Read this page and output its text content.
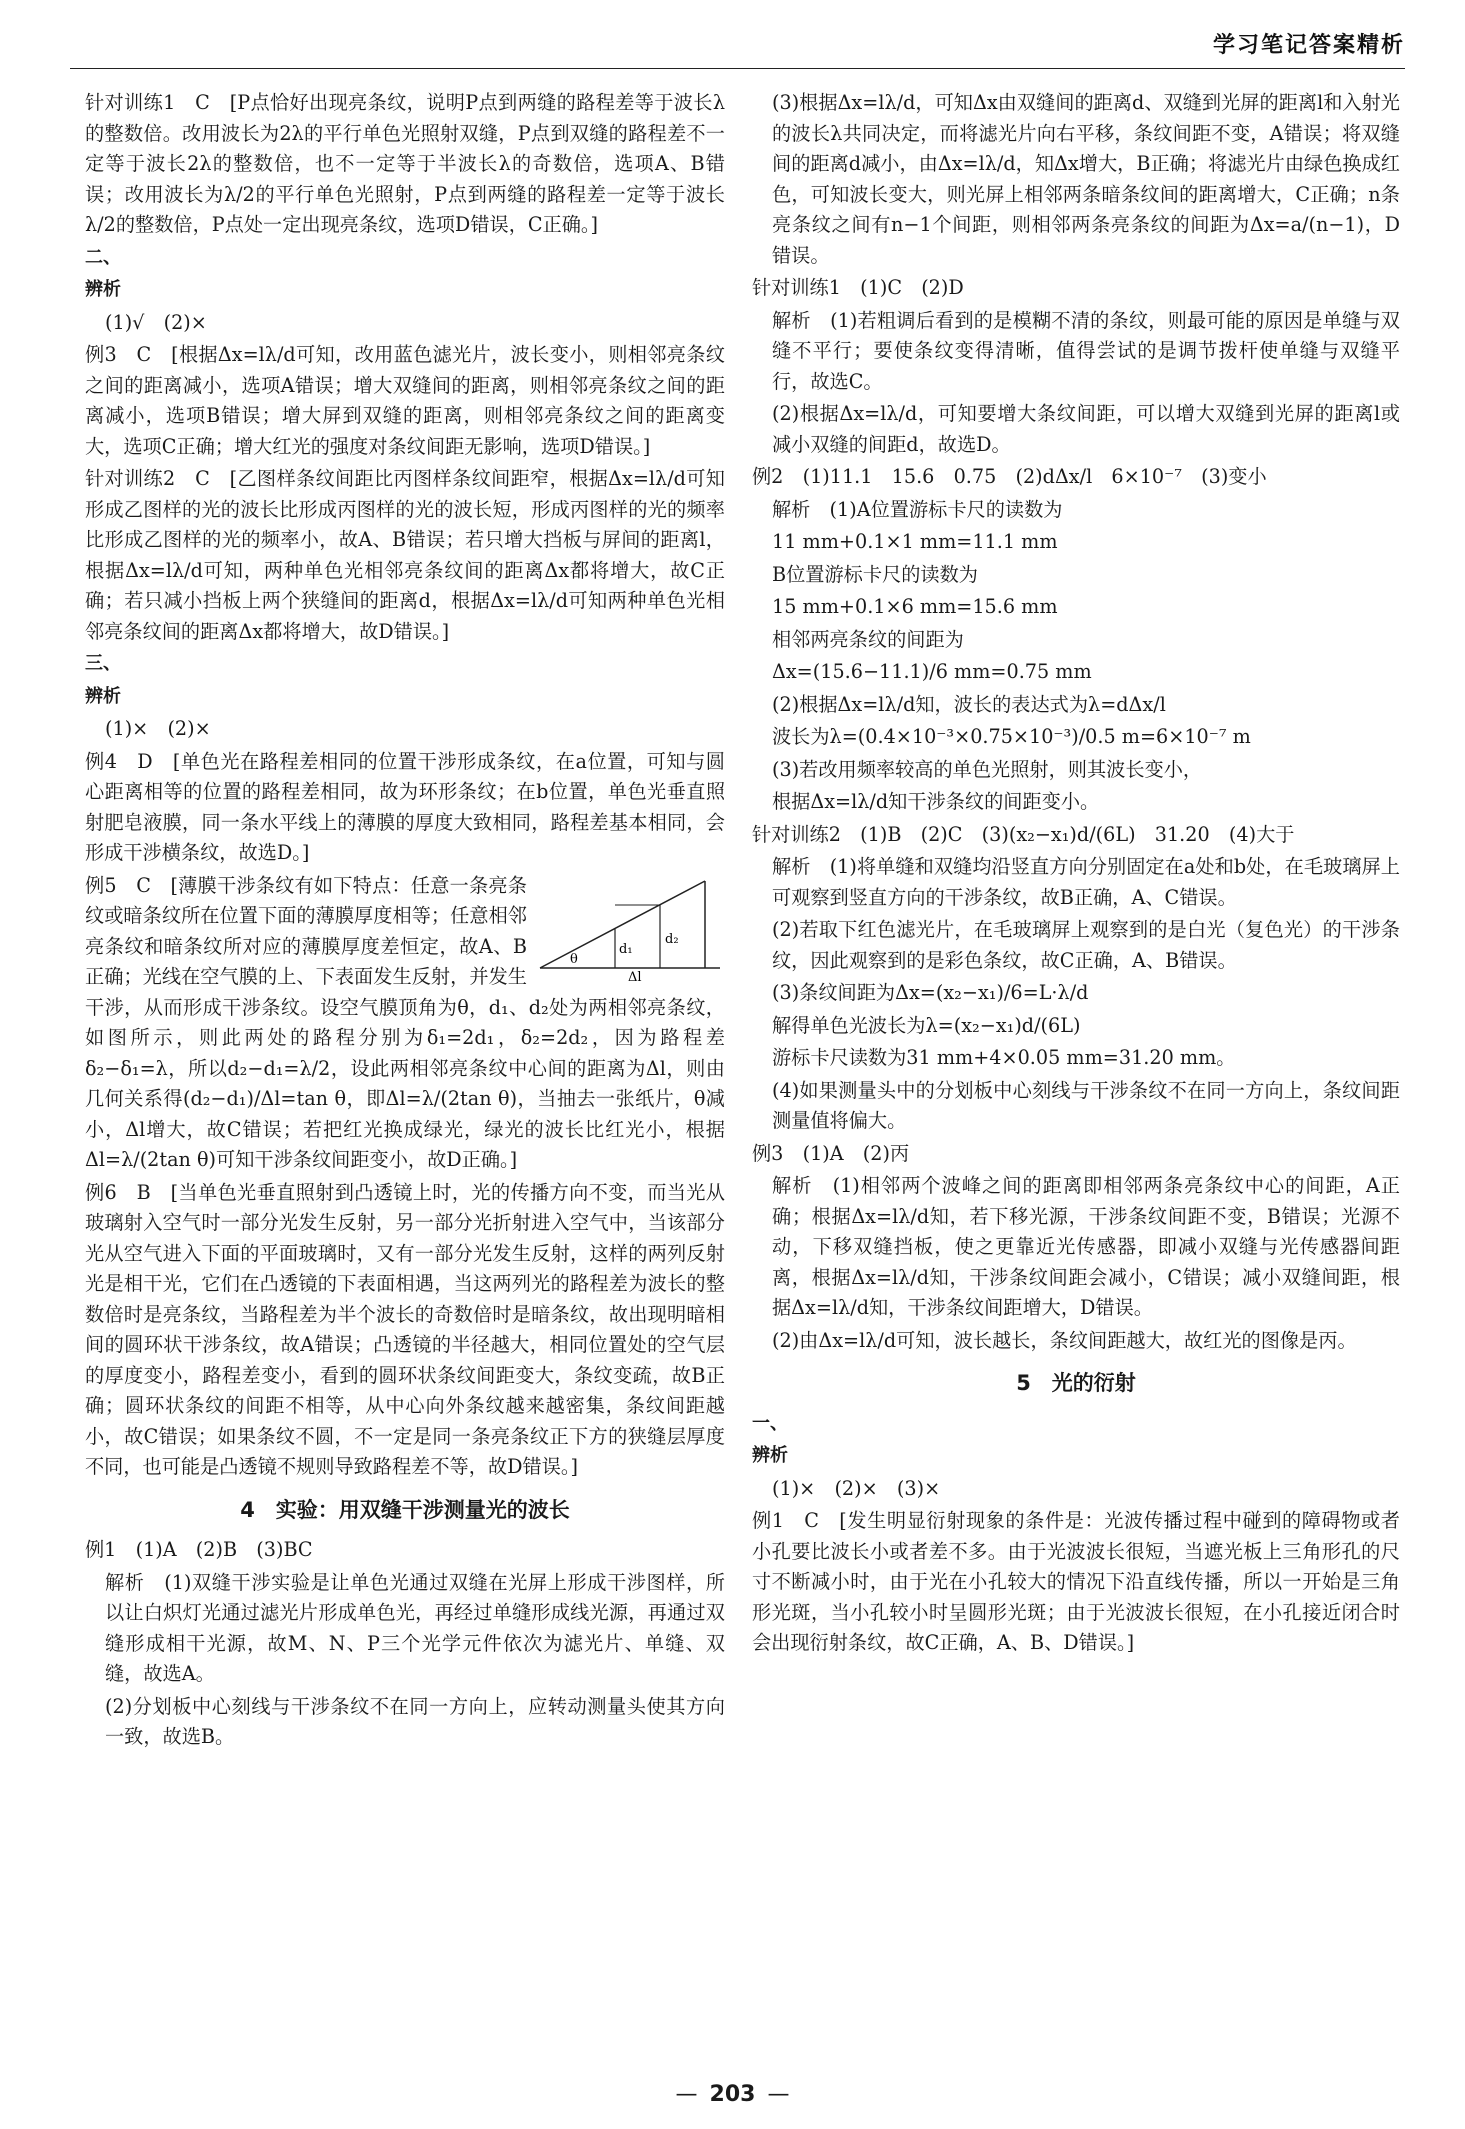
学习笔记答案精析

针对训练1　C　[P点恰好出现亮条纹，说明P点到两缝的路程差等于波长λ的整数倍。改用波长为2λ的平行单色光照射双缝，P点到双缝的路程差不一定等于波长2λ的整数倍，也不一定等于半波长λ的奇数倍，选项A、B错误；改用波长为λ/2的平行单色光照射，P点到两缝的路程差一定等于波长λ/2的整数倍，P点处一定出现亮条纹，选项D错误，C正确。]

二、

辨析

(1)√　(2)×

例3　C　[根据Δx=lλ/d可知，改用蓝色滤光片，波长变小，则相邻亮条纹之间的距离减小，选项A错误；增大双缝间的距离，则相邻亮条纹之间的距离减小，选项B错误；增大屏到双缝的距离，则相邻亮条纹之间的距离变大，选项C正确；增大红光的强度对条纹间距无影响，选项D错误。]

针对训练2　C　[乙图样条纹间距比丙图样条纹间距窄，根据Δx=lλ/d可知形成乙图样的光的波长比形成丙图样的光的波长短，形成丙图样的光的频率比形成乙图样的光的频率小，故A、B错误；若只增大挡板与屏间的距离l，根据Δx=lλ/d可知，两种单色光相邻亮条纹间的距离Δx都将增大，故C正确；若只减小挡板上两个狭缝间的距离d，根据Δx=lλ/d可知两种单色光相邻亮条纹间的距离Δx都将增大，故D错误。]

三、

辨析

(1)×　(2)×

例4　D　[单色光在路程差相同的位置干涉形成条纹，在a位置，可知与圆心距离相等的位置的路程差相同，故为环形条纹；在b位置，单色光垂直照射肥皂液膜，同一条水平线上的薄膜的厚度大致相同，路程差基本相同，会形成干涉横条纹，故选D。]

θ
d₁
d₂
Δl
例5　C　[薄膜干涉条纹有如下特点：任意一条亮条纹或暗条纹所在位置下面的薄膜厚度相等；任意相邻亮条纹和暗条纹所对应的薄膜厚度差恒定，故A、B正确；光线在空气膜的上、下表面发生反射，并发生干涉，从而形成干涉条纹。设空气膜顶角为θ，d₁、d₂处为两相邻亮条纹，如图所示，则此两处的路程分别为δ₁=2d₁，δ₂=2d₂，因为路程差δ₂−δ₁=λ，所以d₂−d₁=λ/2，设此两相邻亮条纹中心间的距离为Δl，则由几何关系得(d₂−d₁)/Δl=tan θ，即Δl=λ/(2tan θ)，当抽去一张纸片，θ减小，Δl增大，故C错误；若把红光换成绿光，绿光的波长比红光小，根据Δl=λ/(2tan θ)可知干涉条纹间距变小，故D正确。]

例6　B　[当单色光垂直照射到凸透镜上时，光的传播方向不变，而当光从玻璃射入空气时一部分光发生反射，另一部分光折射进入空气中，当该部分光从空气进入下面的平面玻璃时，又有一部分光发生反射，这样的两列反射光是相干光，它们在凸透镜的下表面相遇，当这两列光的路程差为波长的整数倍时是亮条纹，当路程差为半个波长的奇数倍时是暗条纹，故出现明暗相间的圆环状干涉条纹，故A错误；凸透镜的半径越大，相同位置处的空气层的厚度变小，路程差变小，看到的圆环状条纹间距变大，条纹变疏，故B正确；圆环状条纹的间距不相等，从中心向外条纹越来越密集，条纹间距越小，故C错误；如果条纹不圆，不一定是同一条亮条纹正下方的狭缝层厚度不同，也可能是凸透镜不规则导致路程差不等，故D错误。]

4　实验：用双缝干涉测量光的波长

例1　(1)A　(2)B　(3)BC

解析　(1)双缝干涉实验是让单色光通过双缝在光屏上形成干涉图样，所以让白炽灯光通过滤光片形成单色光，再经过单缝形成线光源，再通过双缝形成相干光源，故M、N、P三个光学元件依次为滤光片、单缝、双缝，故选A。

(2)分划板中心刻线与干涉条纹不在同一方向上，应转动测量头使其方向一致，故选B。

(3)根据Δx=lλ/d，可知Δx由双缝间的距离d、双缝到光屏的距离l和入射光的波长λ共同决定，而将滤光片向右平移，条纹间距不变，A错误；将双缝间的距离d减小，由Δx=lλ/d，知Δx增大，B正确；将滤光片由绿色换成红色，可知波长变大，则光屏上相邻两条暗条纹间的距离增大，C正确；n条亮条纹之间有n−1个间距，则相邻两条亮条纹的间距为Δx=a/(n−1)，D错误。

针对训练1　(1)C　(2)D

解析　(1)若粗调后看到的是模糊不清的条纹，则最可能的原因是单缝与双缝不平行；要使条纹变得清晰，值得尝试的是调节拨杆使单缝与双缝平行，故选C。

(2)根据Δx=lλ/d，可知要增大条纹间距，可以增大双缝到光屏的距离l或减小双缝的间距d，故选D。

例2　(1)11.1　15.6　0.75　(2)dΔx/l　6×10⁻⁷　(3)变小

解析　(1)A位置游标卡尺的读数为

11 mm+0.1×1 mm=11.1 mm

B位置游标卡尺的读数为

15 mm+0.1×6 mm=15.6 mm

相邻两亮条纹的间距为

Δx=(15.6−11.1)/6 mm=0.75 mm

(2)根据Δx=lλ/d知，波长的表达式为λ=dΔx/l

波长为λ=(0.4×10⁻³×0.75×10⁻³)/0.5 m=6×10⁻⁷ m

(3)若改用频率较高的单色光照射，则其波长变小，

根据Δx=lλ/d知干涉条纹的间距变小。

针对训练2　(1)B　(2)C　(3)(x₂−x₁)d/(6L)　31.20　(4)大于

解析　(1)将单缝和双缝均沿竖直方向分别固定在a处和b处，在毛玻璃屏上可观察到竖直方向的干涉条纹，故B正确，A、C错误。

(2)若取下红色滤光片，在毛玻璃屏上观察到的是白光（复色光）的干涉条纹，因此观察到的是彩色条纹，故C正确，A、B错误。

(3)条纹间距为Δx=(x₂−x₁)/6=L·λ/d

解得单色光波长为λ=(x₂−x₁)d/(6L)

游标卡尺读数为31 mm+4×0.05 mm=31.20 mm。

(4)如果测量头中的分划板中心刻线与干涉条纹不在同一方向上，条纹间距测量值将偏大。

例3　(1)A　(2)丙

解析　(1)相邻两个波峰之间的距离即相邻两条亮条纹中心的间距，A正确；根据Δx=lλ/d知，若下移光源，干涉条纹间距不变，B错误；光源不动，下移双缝挡板，使之更靠近光传感器，即减小双缝与光传感器间距离，根据Δx=lλ/d知，干涉条纹间距会减小，C错误；减小双缝间距，根据Δx=lλ/d知，干涉条纹间距增大，D错误。

(2)由Δx=lλ/d可知，波长越长，条纹间距越大，故红光的图像是丙。

5　光的衍射

一、

辨析

(1)×　(2)×　(3)×

例1　C　[发生明显衍射现象的条件是：光波传播过程中碰到的障碍物或者小孔要比波长小或者差不多。由于光波波长很短，当遮光板上三角形孔的尺寸不断减小时，由于光在小孔较大的情况下沿直线传播，所以一开始是三角形光斑，当小孔较小时呈圆形光斑；由于光波波长很短，在小孔接近闭合时会出现衍射条纹，故C正确，A、B、D错误。]

— 203 —
